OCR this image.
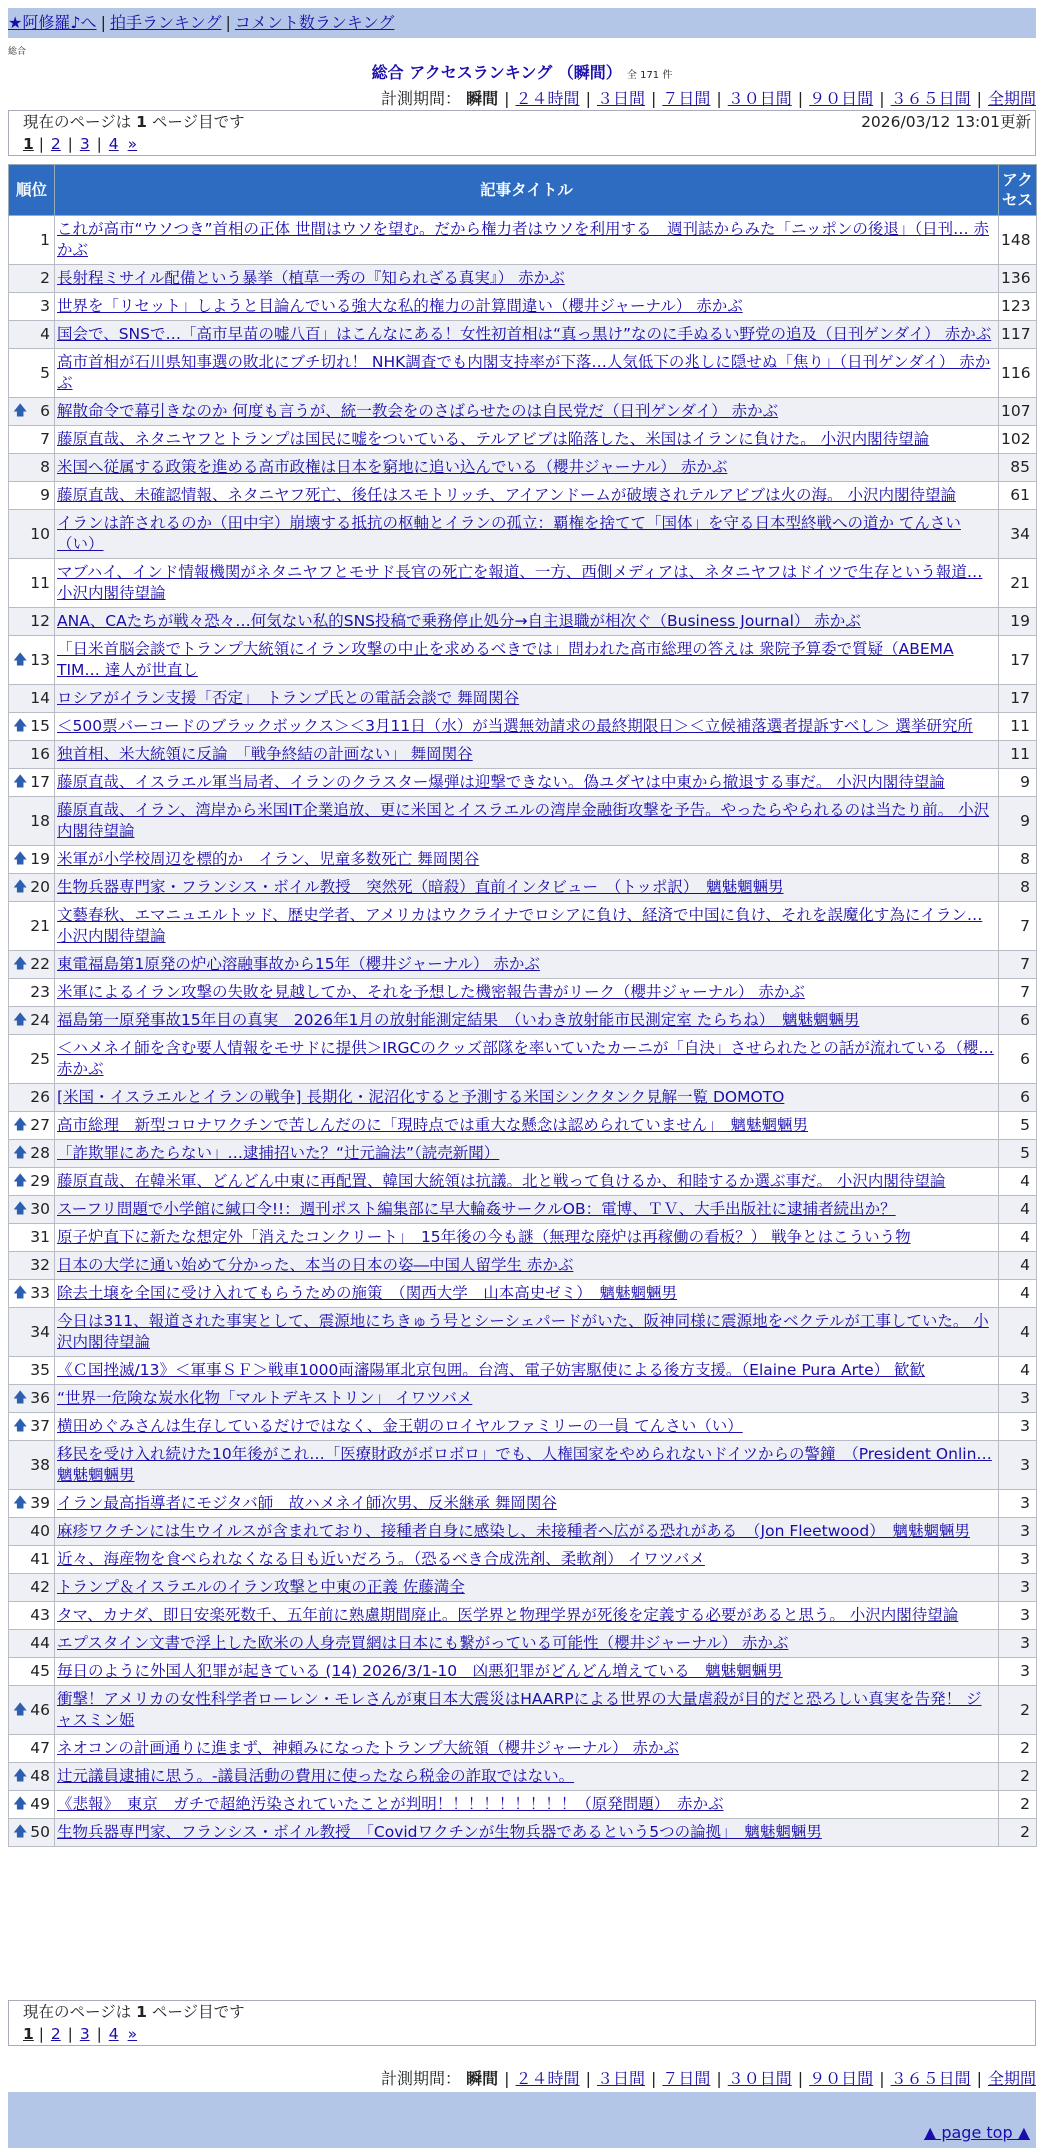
★阿修羅♪へ | 拍手ランキング | コメント数ランキング
総合
総合 アクセスランキング （瞬間） 全 171 件
計測期間： 瞬間 | ２４時間 | ３日間 | ７日間 | ３０日間 | ９０日間 | ３６５日間 | 全期間
現在のページは 1 ページ目です	2026/03/12 13:01更新
1 | 2 | 3 | 4 »
順位	記事タイトル	アクセス
1	これが高市“ウソつき”首相の正体 世間はウソを望む。だから権力者はウソを利用する　週刊誌からみた「ニッポンの後退」（日刊… 赤かぶ	148
2	長射程ミサイル配備という暴挙（植草一秀の『知られざる真実』） 赤かぶ	136
3	世界を「リセット」しようと目論んでいる強大な私的権力の計算間違い（櫻井ジャーナル） 赤かぶ	123
4	国会で、SNSで…「高市早苗の嘘八百」はこんなにある！女性初首相は“真っ黒け”なのに手ぬるい野党の追及（日刊ゲンダイ） 赤かぶ	117
5	高市首相が石川県知事選の敗北にブチ切れ！ NHK調査でも内閣支持率が下落…人気低下の兆しに隠せぬ「焦り」（日刊ゲンダイ） 赤かぶ	116

🡅 6	解散命令で幕引きなのか 何度も言うが、統一教会をのさばらせたのは自民党だ（日刊ゲンダイ） 赤かぶ	107
7	藤原直哉、ネタニヤフとトランプは国民に嘘をついている、テルアビブは陥落した、米国はイランに負けた。 小沢内閣待望論	102
8	米国へ従属する政策を進める高市政権は日本を窮地に追い込んでいる（櫻井ジャーナル） 赤かぶ	85
9	藤原直哉、未確認情報、ネタニヤフ死亡、後任はスモトリッチ、アイアンドームが破壊されテルアビブは火の海。 小沢内閣待望論	61
10	イランは許されるのか（田中宇）崩壊する抵抗の枢軸とイランの孤立：覇権を捨てて「国体」を守る日本型終戦への道か てんさい（い）	34
11	マブハイ、インド情報機関がネタニヤフとモサド長官の死亡を報道、一方、西側メディアは、ネタニヤフはドイツで生存という報道… 小沢内閣待望論	21
12	ANA、CAたちが戦々恐々…何気ない私的SNS投稿で乗務停止処分→自主退職が相次ぐ（Business Journal） 赤かぶ	19

🡅 13	「日米首脳会談でトランプ大統領にイラン攻撃の中止を求めるべきでは」問われた高市総理の答えは 衆院予算委で質疑（ABEMA TIM… 達人が世直し	17
14	ロシアがイラン支援「否定」　トランプ氏との電話会談で 舞岡関谷	17

🡅 15	＜500票バーコードのブラックボックス＞＜3月11日（水）が当選無効請求の最終期限日＞＜立候補落選者提訴すべし＞ 選挙研究所	11
16	独首相、米大統領に反論　「戦争終結の計画ない」 舞岡関谷	11

🡅 17	藤原直哉、イスラエル軍当局者、イランのクラスター爆弾は迎撃できない。偽ユダヤは中東から撤退する事だ。 小沢内閣待望論	9
18	藤原直哉、イラン、湾岸から米国IT企業追放、更に米国とイスラエルの湾岸金融街攻撃を予告。やったらやられるのは当たり前。 小沢内閣待望論	9

🡅 19	米軍が小学校周辺を標的か　イラン、児童多数死亡 舞岡関谷	8

🡅 20	生物兵器専門家・フランシス・ボイル教授　突然死（暗殺）直前インタビュー　（トッポ訳）　魑魅魍魎男	8
21	文藝春秋、エマニュエルトッド、歴史学者、アメリカはウクライナでロシアに負け、経済で中国に負け、それを誤魔化す為にイラン… 小沢内閣待望論	7

🡅 22	東電福島第1原発の炉心溶融事故から15年（櫻井ジャーナル） 赤かぶ	7
23	米軍によるイラン攻撃の失敗を見越してか、それを予想した機密報告書がリーク（櫻井ジャーナル） 赤かぶ	7

🡅 24	福島第一原発事故15年目の真実　2026年1月の放射能測定結果　（いわき放射能市民測定室 たらちね）　魑魅魍魎男	6
25	＜ハメネイ師を含む要人情報をモサドに提供＞IRGCのクッズ部隊を率いていたカーニが「自決」させられたとの話が流れている（櫻… 赤かぶ	6
26	[米国・イスラエルとイランの戦争] 長期化・泥沼化すると予測する米国シンクタンク見解一覧 DOMOTO	6

🡅 27	高市総理　新型コロナワクチンで苦しんだのに「現時点では重大な懸念は認められていません」　魑魅魍魎男	5

🡅 28	「詐欺罪にあたらない」…逮捕招いた？“辻元論法”（読売新聞）	5

🡅 29	藤原直哉、在韓米軍、どんどん中東に再配置、韓国大統領は抗議。北と戦って負けるか、和睦するか選ぶ事だ。 小沢内閣待望論	4

🡅 30	スーフリ問題で小学館に緘口令!!：週刊ポスト編集部に早大輪姦サークルOB：電博、ＴＶ、大手出版社に逮捕者続出か？	4
31	原子炉直下に新たな想定外「消えたコンクリート」　15年後の今も謎（無理な廃炉は再稼働の看板？） 戦争とはこういう物	4
32	日本の大学に通い始めて分かった、本当の日本の姿―中国人留学生 赤かぶ	4

🡅 33	除去土壌を全国に受け入れてもらうための施策　（関西大学　山本高史ゼミ）　魑魅魍魎男	4
34	今日は311、報道された事実として、震源地にちきゅう号とシーシェパードがいた、阪神同様に震源地をベクテルが工事していた。 小沢内閣待望論	4
35	《Ｃ国挫滅/13》＜軍事ＳＦ＞戦車1000両瀋陽軍北京包囲。台湾、電子妨害駆使による後方支援。（Elaine Pura Arte） 歓歓	4

🡅 36	“世界一危険な炭水化物「マルトデキストリン」 イワツバメ	3

🡅 37	横田めぐみさんは生存しているだけではなく、金王朝のロイヤルファミリーの一員 てんさい（い）	3
38	移民を受け入れ続けた10年後がこれ…「医療財政がボロボロ」でも、人権国家をやめられないドイツからの警鐘　（President Onlin… 魑魅魍魎男	3

🡅 39	イラン最高指導者にモジタバ師　故ハメネイ師次男、反米継承 舞岡関谷	3
40	麻疹ワクチンには生ウイルスが含まれており、接種者自身に感染し、未接種者へ広がる恐れがある　（Jon Fleetwood）　魑魅魍魎男	3
41	近々、海産物を食べられなくなる日も近いだろう。（恐るべき合成洗剤、柔軟剤） イワツバメ	3
42	トランプ＆イスラエルのイラン攻撃と中東の正義 佐藤満全	3
43	タマ、カナダ、即日安楽死数千、五年前に熟慮期間廃止。医学界と物理学界が死後を定義する必要があると思う。 小沢内閣待望論	3
44	エプスタイン文書で浮上した欧米の人身売買網は日本にも繋がっている可能性（櫻井ジャーナル） 赤かぶ	3
45	毎日のように外国人犯罪が起きている (14) 2026/3/1-10　凶悪犯罪がどんどん増えている　魑魅魍魎男	3

🡅 46	衝撃！アメリカの女性科学者ローレン・モレさんが東日本大震災はHAARPによる世界の大量虐殺が目的だと恐ろしい真実を告発！ ジャスミン姫	2
47	ネオコンの計画通りに進まず、神頼みになったトランプ大統領（櫻井ジャーナル） 赤かぶ	2

🡅 48	辻元議員逮捕に思う。-議員活動の費用に使ったなら税金の詐取ではない。	2

🡅 49	《悲報》　東京　ガチで超絶汚染されていたことが判明！！！！！！！！！（原発問題）　赤かぶ	2

🡅 50	生物兵器専門家、フランシス・ボイル教授　「Covidワクチンが生物兵器であるという5つの論拠」　魑魅魍魎男	2
現在のページは 1 ページ目です
1 | 2 | 3 | 4 »
計測期間： 瞬間 | ２４時間 | ３日間 | ７日間 | ３０日間 | ９０日間 | ３６５日間 | 全期間
▲ page top ▲
